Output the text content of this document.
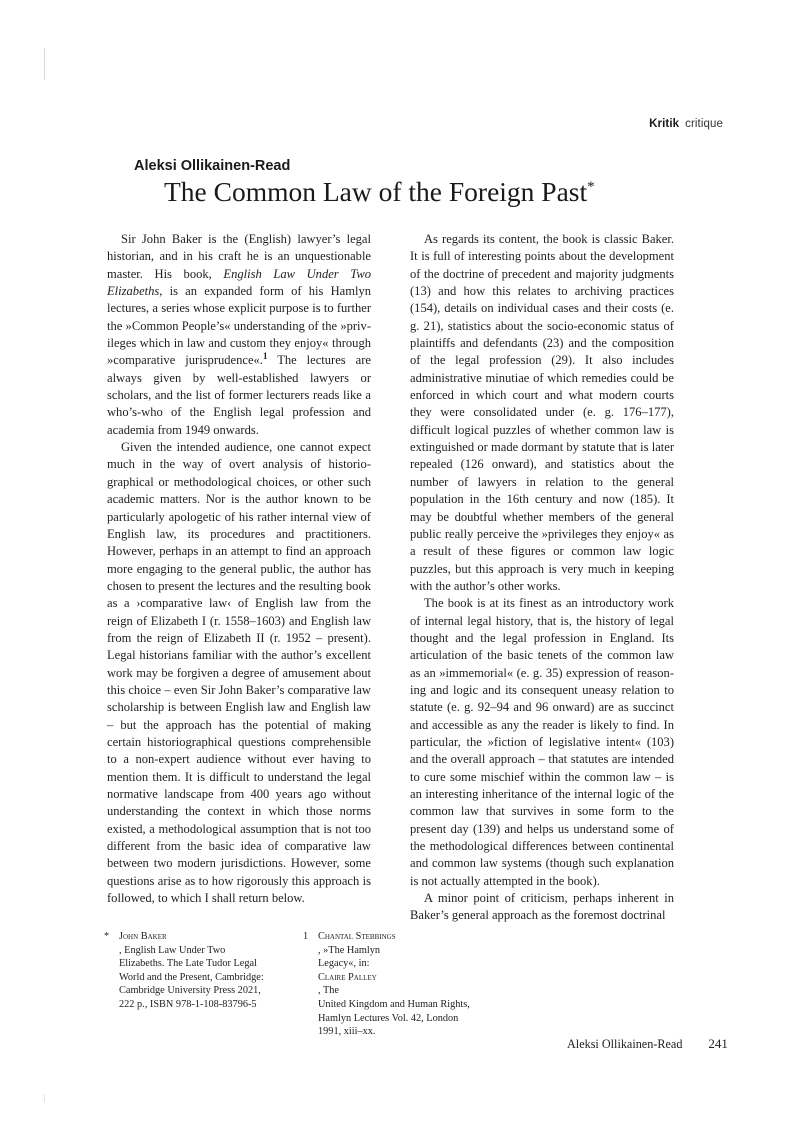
Kritik critique
Aleksi Ollikainen-Read
The Common Law of the Foreign Past*

Sir John Baker is the (English) lawyer’s legal historian, and in his craft he is an unquestionable master. His book, English Law Under Two Elizabeths, is an expanded form of his Hamlyn lectures, a series whose explicit purpose is to further the »Common People’s« understanding of the »privileges which in law and custom they enjoy« through »comparative jurisprudence«.$^1$ The lectures are always given by well-established lawyers or scholars, and the list of former lecturers reads like a who’s-who of the English legal profession and academia from 1949 onwards.

Given the intended audience, one cannot expect much in the way of overt analysis of historiographical or methodological choices, or other such academic matters. Nor is the author known to be particularly apologetic of his rather internal view of English law, its procedures and practitioners. However, perhaps in an attempt to find an approach more engaging to the general public, the author has chosen to present the lectures and the resulting book as a ›comparative law‹ of English law from the reign of Elizabeth I (r. 1558–1603) and English law from the reign of Elizabeth II (r. 1952 – present). Legal historians familiar with the author’s excellent work may be forgiven a degree of amusement about this choice – even Sir John Baker’s comparative law scholarship is between English law and English law – but the approach has the potential of making certain historiographical questions comprehensible to a non-expert audience without ever having to mention them. It is difficult to understand the legal normative landscape from 400 years ago without understanding the context in which those norms existed, a methodological assumption that is not too different from the basic idea of comparative law between two modern jurisdictions. However, some questions arise as to how rigorously this approach is followed, to which I shall return below.

As regards its content, the book is classic Baker. It is full of interesting points about the development of the doctrine of precedent and majority judgments (13) and how this relates to archiving practices (154), details on individual cases and their costs (e. g. 21), statistics about the socio-economic status of plaintiffs and defendants (23) and the composition of the legal profession (29). It also includes administrative minutiae of which remedies could be enforced in which court and what modern courts they were consolidated under (e. g. 176–177), difficult logical puzzles of whether common law is extinguished or made dormant by statute that is later repealed (126 onward), and statistics about the number of lawyers in relation to the general population in the 16th century and now (185). It may be doubtful whether members of the general public really perceive the »privileges they enjoy« as a result of these figures or common law logic puzzles, but this approach is very much in keeping with the author’s other works.

The book is at its finest as an introductory work of internal legal history, that is, the history of legal thought and the legal profession in England. Its articulation of the basic tenets of the common law as an »immemorial« (e. g. 35) expression of reasoning and logic and its consequent uneasy relation to statute (e. g. 92–94 and 96 onward) are as succinct and accessible as any the reader is likely to find. In particular, the »fiction of legislative intent« (103) and the overall approach – that statutes are intended to cure some mischief within the common law – is an interesting inheritance of the internal logic of the common law that survives in some form to the present day (139) and helps us understand some of the methodological differences between continental and common law systems (though such explanation is not actually attempted in the book).

A minor point of criticism, perhaps inherent in Baker’s general approach as the foremost doctrinal

* John Baker
, English Law Under Two
Elizabeths. The Late Tudor Legal
World and the Present, Cambridge:
Cambridge University Press 2021,
222 p., ISBN 978-1-108-83796-5
1 Chantal Stebbings
, »The Hamlyn
Legacy«, in:
Claire Palley
, The
United Kingdom and Human Rights,
Hamlyn Lectures Vol. 42, London
1991, xiii–xx.
Aleksi Ollikainen-Read 241
